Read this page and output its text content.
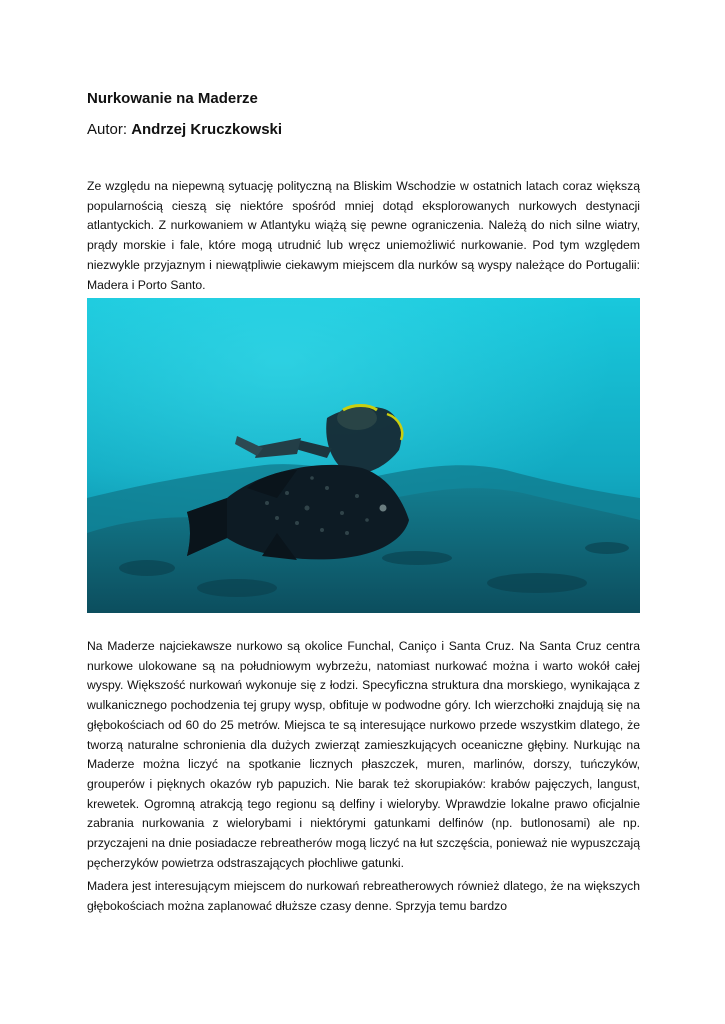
Nurkowanie na Maderze

Autor: Andrzej Kruczkowski

Ze względu na niepewną sytuację polityczną na Bliskim Wschodzie w ostatnich latach coraz większą popularnością cieszą się niektóre spośród mniej dotąd eksplorowanych nurkowych destynacji atlantyckich. Z nurkowaniem w Atlantyku wiążą się pewne ograniczenia. Należą do nich silne wiatry, prądy morskie i fale, które mogą utrudnić lub wręcz uniemożliwić nurkowanie. Pod tym względem niezwykle przyjaznym i niewątpliwie ciekawym miejscem dla nurków są wyspy należące do Portugalii: Madera i Porto Santo.

Na Maderze najciekawsze nurkowo są okolice Funchal, Caniço i Santa Cruz. Na Santa Cruz centra nurkowe ulokowane są na południowym wybrzeżu, natomiast nurkować można i warto wokół całej wyspy. Większość nurkowań wykonuje się z łodzi. Specyficzna struktura dna morskiego, wynikająca z wulkanicznego pochodzenia tej grupy wysp, obfituje w podwodne góry. Ich wierzchołki znajdują się na głębokościach od 60 do 25 metrów. Miejsca te są interesujące nurkowo przede wszystkim dlatego, że tworzą naturalne schronienia dla dużych zwierząt zamieszkujących oceaniczne głębiny. Nurkując na Maderze można liczyć na spotkanie licznych płaszczek, muren, marlinów, dorszy, tuńczyków, grouperów i pięknych okazów ryb papuzich. Nie barak też skorupiaków: krabów pajęczych, langust, krewetek. Ogromną atrakcją tego regionu są delfiny i wieloryby. Wprawdzie lokalne prawo oficjalnie zabrania nurkowania z wielorybami i niektórymi gatunkami delfinów (np. butlonosami) ale np. przyczajeni na dnie posiadacze rebreatherów mogą liczyć na łut szczęścia, ponieważ nie wypuszczają pęcherzyków powietrza odstraszających płochliwe gatunki.

Madera jest interesującym miejscem do nurkowań rebreatherowych również dlatego, że na większych głębokościach można zaplanować dłuższe czasy denne. Sprzyja temu bardzo
